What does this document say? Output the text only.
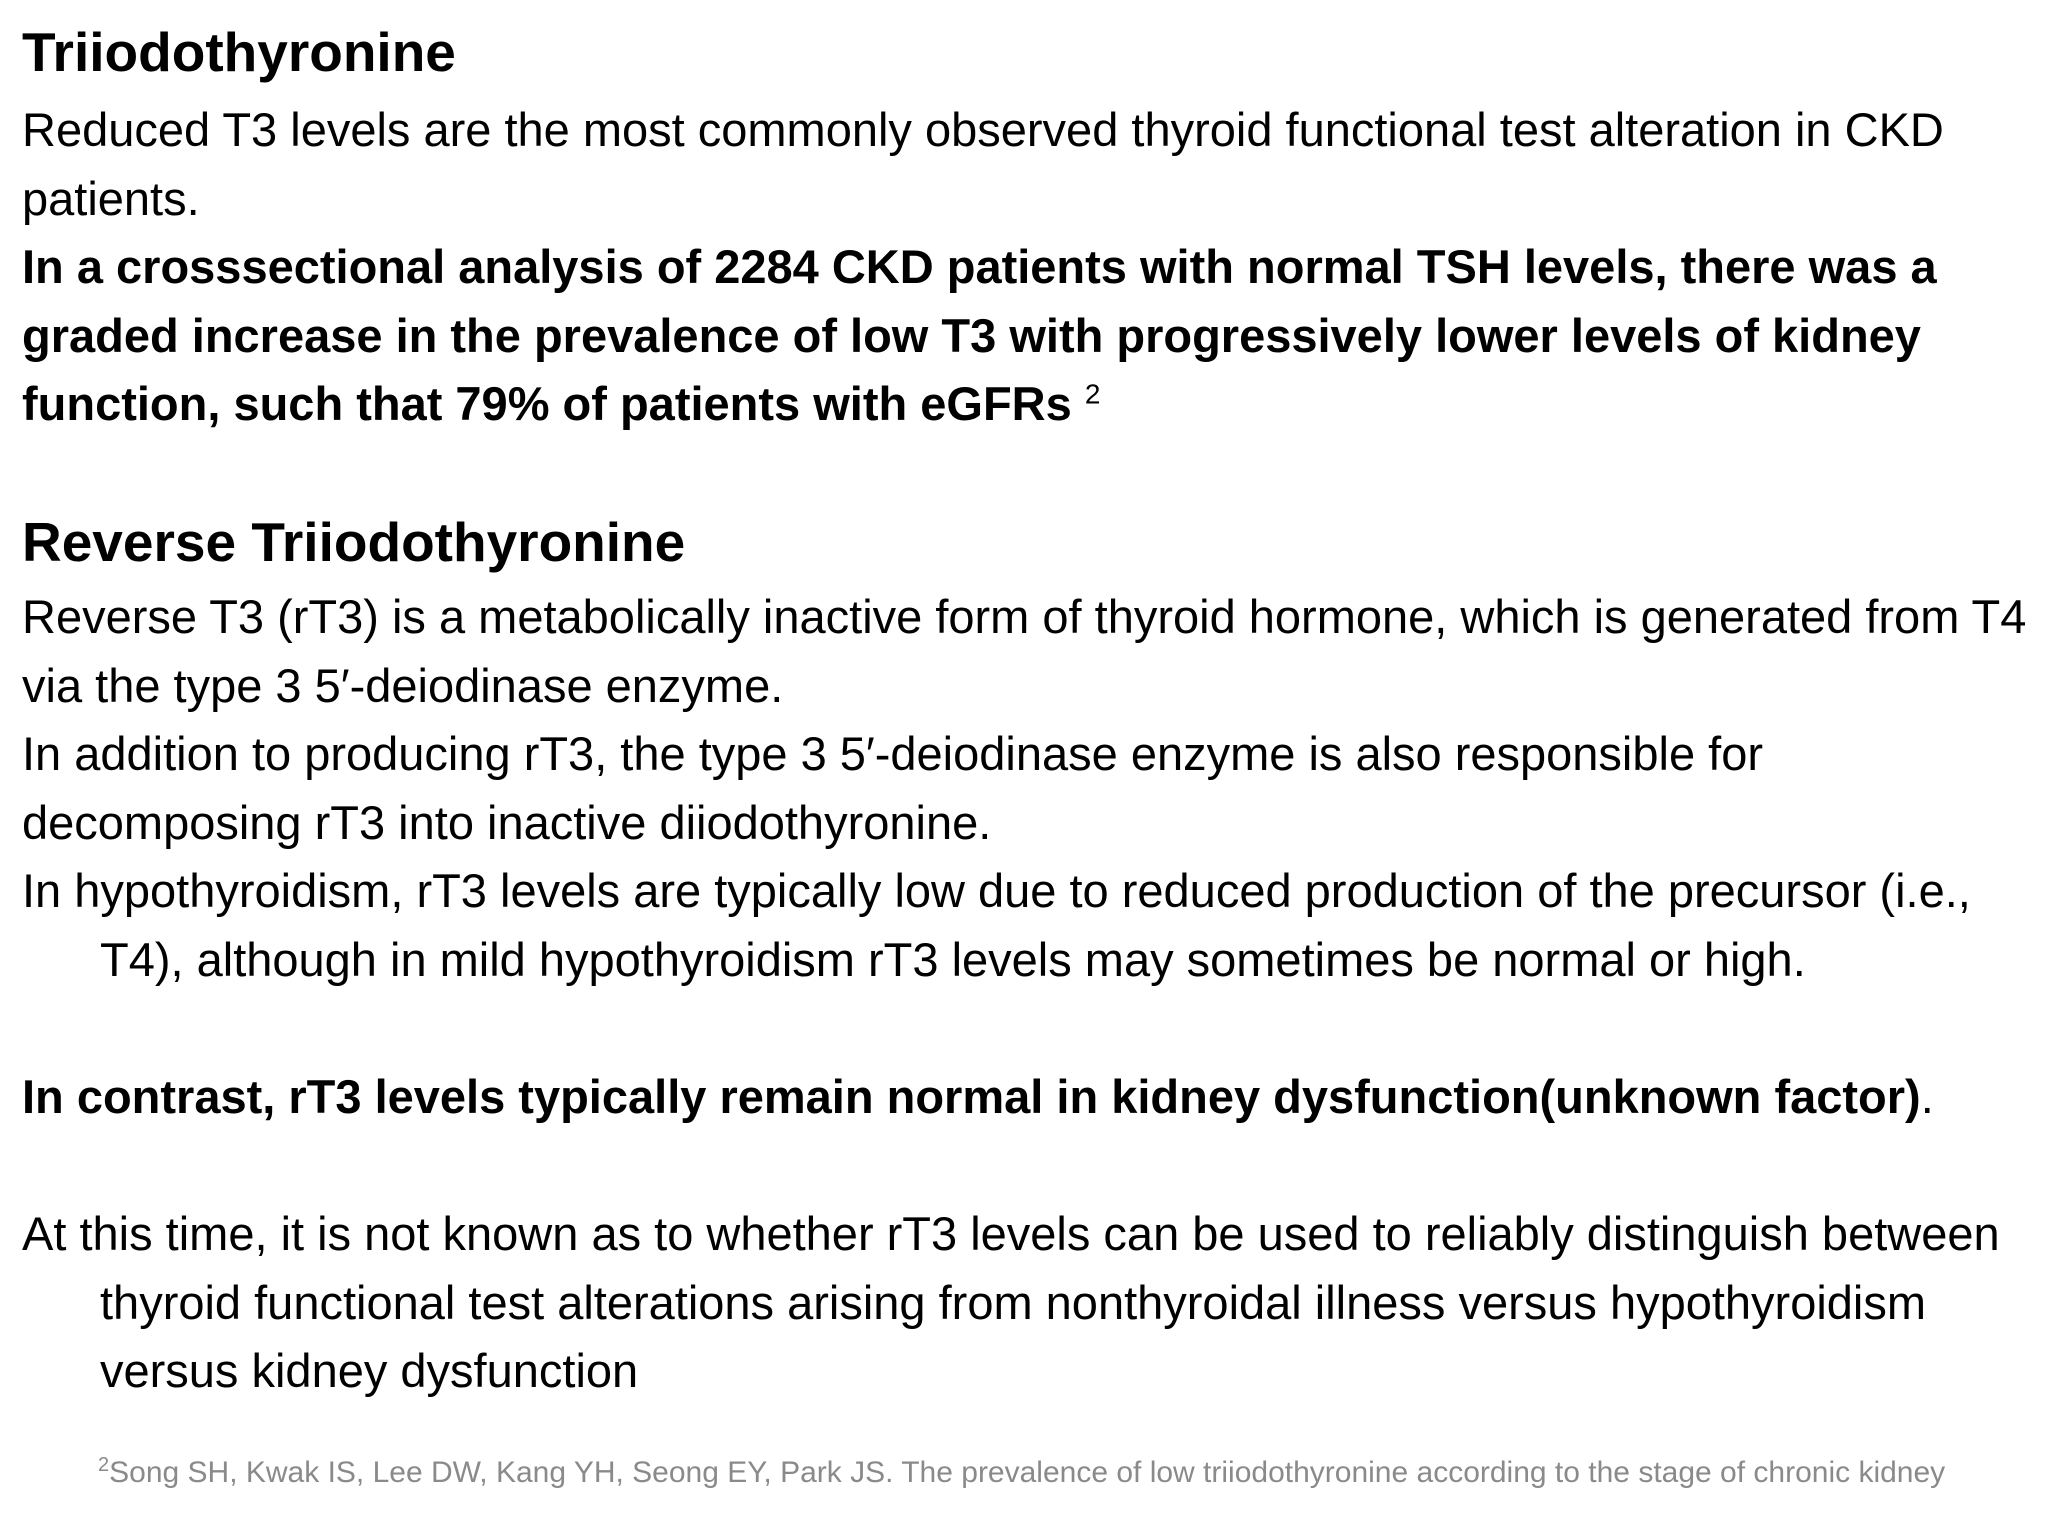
Triiodothyronine

Reduced T3 levels are the most commonly observed thyroid functional test alteration in CKD patients.

In a crosssectional analysis of 2284 CKD patients with normal TSH levels, there was a graded increase in the prevalence of low T3 with progressively lower levels of kidney function, such that 79% of patients with eGFRs $^2$

Reverse Triiodothyronine

Reverse T3 (rT3) is a metabolically inactive form of thyroid hormone, which is generated from T4 via the type 3 5′-deiodinase enzyme.

In addition to producing rT3, the type 3 5′-deiodinase enzyme is also responsible for decomposing rT3 into inactive diiodothyronine.

In hypothyroidism, rT3 levels are typically low due to reduced production of the precursor (i.e., T4), although in mild hypothyroidism rT3 levels may sometimes be normal or high.

In contrast, rT3 levels typically remain normal in kidney dysfunction(unknown factor).

At this time, it is not known as to whether rT3 levels can be used to reliably distinguish between thyroid functional test alterations arising from nonthyroidal illness versus hypothyroidism versus kidney dysfunction

$^2$Song SH, Kwak IS, Lee DW, Kang YH, Seong EY, Park JS. The prevalence of low triiodothyronine according to the stage of chronic kidney
